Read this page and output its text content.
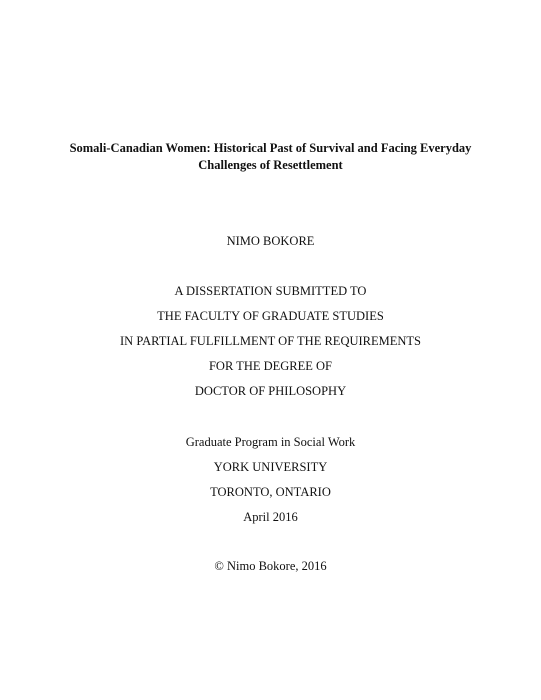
Somali-Canadian Women: Historical Past of Survival and Facing Everyday
Challenges of Resettlement
NIMO BOKORE
A DISSERTATION SUBMITTED TO
THE FACULTY OF GRADUATE STUDIES
IN PARTIAL FULFILLMENT OF THE REQUIREMENTS
FOR THE DEGREE OF
DOCTOR OF PHILOSOPHY
Graduate Program in Social Work
YORK UNIVERSITY
TORONTO, ONTARIO
April 2016
© Nimo Bokore, 2016
